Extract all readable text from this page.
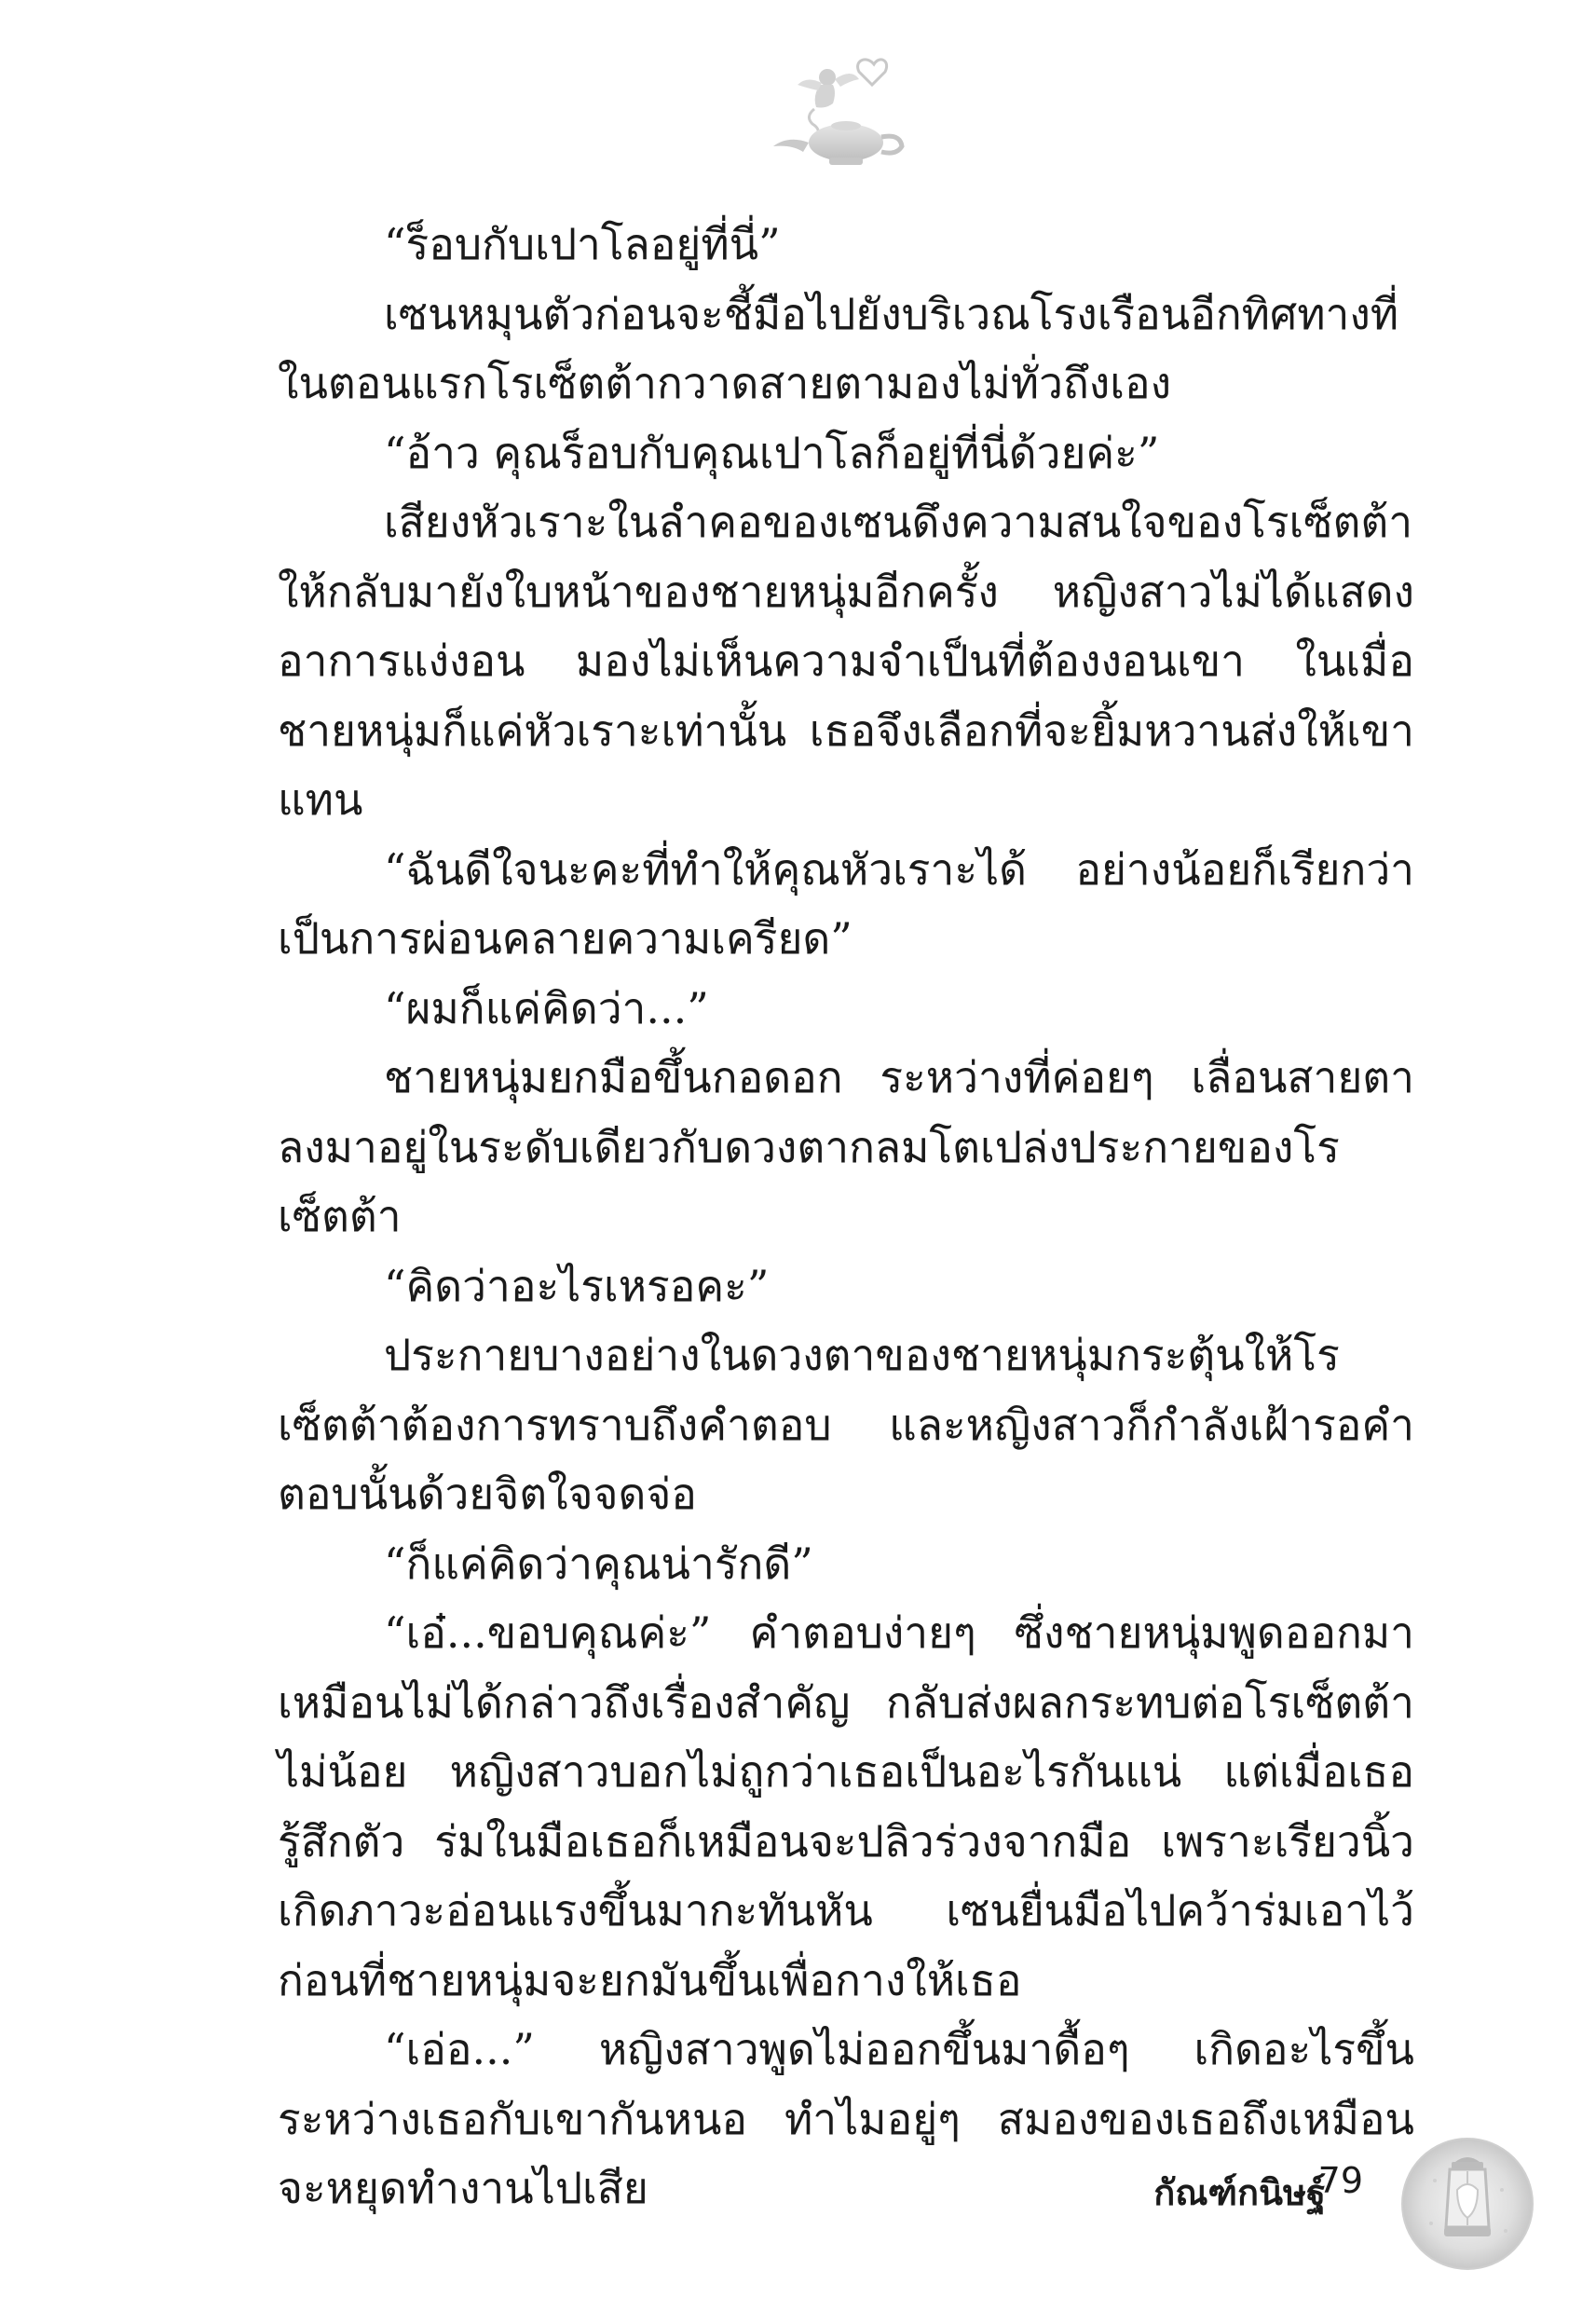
“ร็อบกับเปาโลอยู่ที่นี่”

เซนหมุนตัวก่อนจะชี้มือไปยังบริเวณโรงเรือนอีกทิศทางที่ในตอนแรกโรเซ็ตต้ากวาดสายตามองไม่ทั่วถึงเอง

“อ้าว คุณร็อบกับคุณเปาโลก็อยู่ที่นี่ด้วยค่ะ”

เสียงหัวเราะในลำคอของเซนดึงความสนใจของโรเซ็ตต้าให้กลับมายังใบหน้าของชายหนุ่มอีกครั้ง หญิงสาวไม่ได้แสดงอาการแง่งอน มองไม่เห็นความจำเป็นที่ต้องงอนเขา ในเมื่อชายหนุ่มก็แค่หัวเราะเท่านั้น เธอจึงเลือกที่จะยิ้มหวานส่งให้เขาแทน

“ฉันดีใจนะคะที่ทำให้คุณหัวเราะได้ อย่างน้อยก็เรียกว่าเป็นการผ่อนคลายความเครียด”

“ผมก็แค่คิดว่า...”

ชายหนุ่มยกมือขึ้นกอดอก ระหว่างที่ค่อยๆ เลื่อนสายตาลงมาอยู่ในระดับเดียวกับดวงตากลมโตเปล่งประกายของโรเซ็ตต้า

“คิดว่าอะไรเหรอคะ”

ประกายบางอย่างในดวงตาของชายหนุ่มกระตุ้นให้โรเซ็ตต้าต้องการทราบถึงคำตอบ และหญิงสาวก็กำลังเฝ้ารอคำตอบนั้นด้วยจิตใจจดจ่อ

“ก็แค่คิดว่าคุณน่ารักดี”

“เอ๋...ขอบคุณค่ะ” คำตอบง่ายๆ ซึ่งชายหนุ่มพูดออกมาเหมือนไม่ได้กล่าวถึงเรื่องสำคัญ กลับส่งผลกระทบต่อโรเซ็ตต้าไม่น้อย หญิงสาวบอกไม่ถูกว่าเธอเป็นอะไรกันแน่ แต่เมื่อเธอรู้สึกตัว ร่มในมือเธอก็เหมือนจะปลิวร่วงจากมือ เพราะเรียวนิ้วเกิดภาวะอ่อนแรงขึ้นมากะทันหัน เซนยื่นมือไปคว้าร่มเอาไว้ก่อนที่ชายหนุ่มจะยกมันขึ้นเพื่อกางให้เธอ

“เอ่อ...” หญิงสาวพูดไม่ออกขึ้นมาดื้อๆ เกิดอะไรขึ้นระหว่างเธอกับเขากันหนอ ทำไมอยู่ๆ สมองของเธอถึงเหมือนจะหยุดทำงานไปเสีย	กัณฑ์กนิษฐ์
79
